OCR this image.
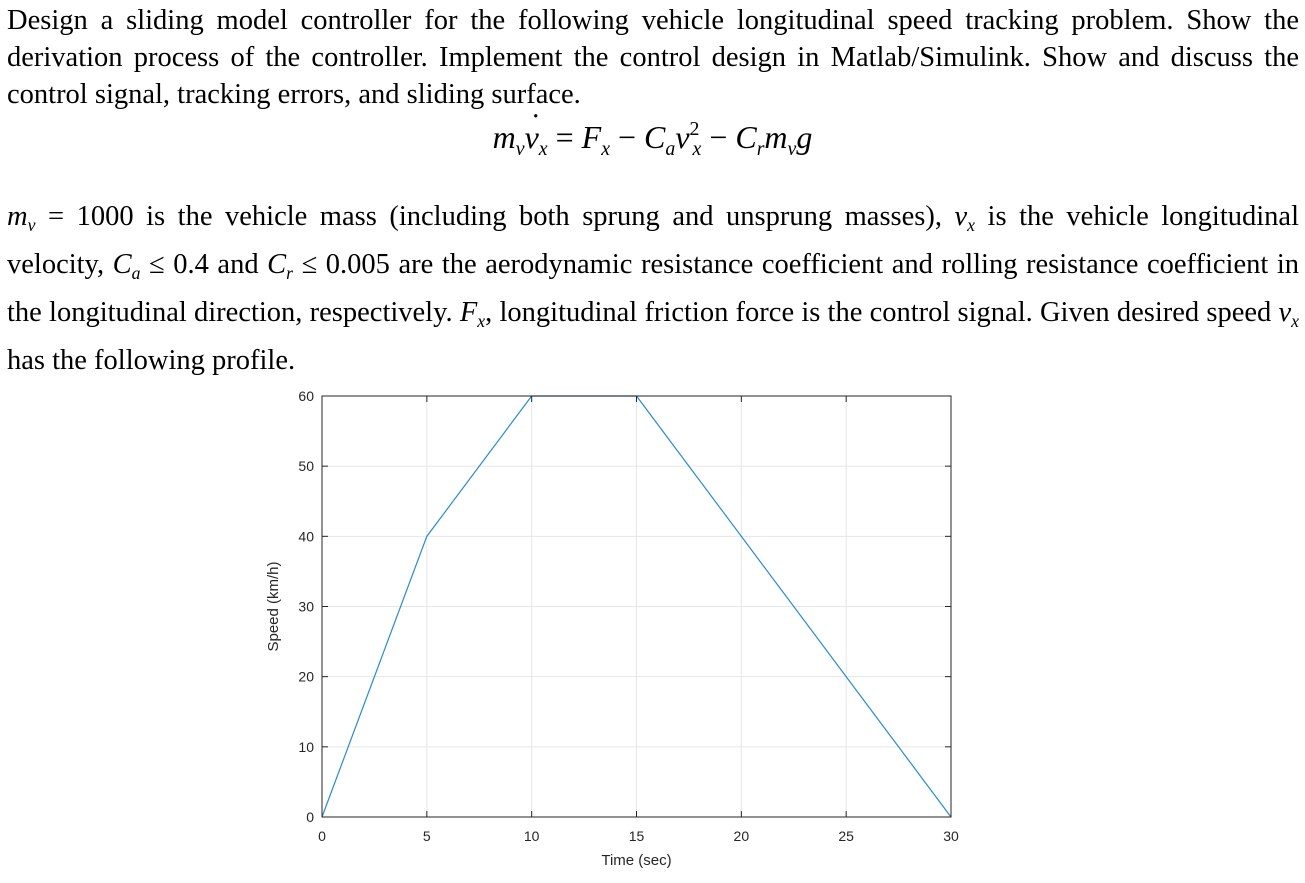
Design a sliding model controller for the following vehicle longitudinal speed tracking problem. Show the derivation process of the controller. Implement the control design in Matlab/Simulink. Show and discuss the control signal, tracking errors, and sliding surface.

$m_v˙$ $v_x = F_x - C_av^2_x - C_rm_vg$

$m_v = 1000$ is the vehicle mass (including both sprung and unsprung masses), $v_x$ is the vehicle longitudinal velocity, $C_a \le 0.4$ and $C_r \le 0.005$ are the aerodynamic resistance coefficient and rolling resistance coefficient in the longitudinal direction, respectively. $F_x$, longitudinal friction force is the control signal. Given desired speed $v_x$ has the following profile.

0	5	10	15	20	25	30
0
10
20
30
40
50
60
Time (sec)
Speed (km/h)
